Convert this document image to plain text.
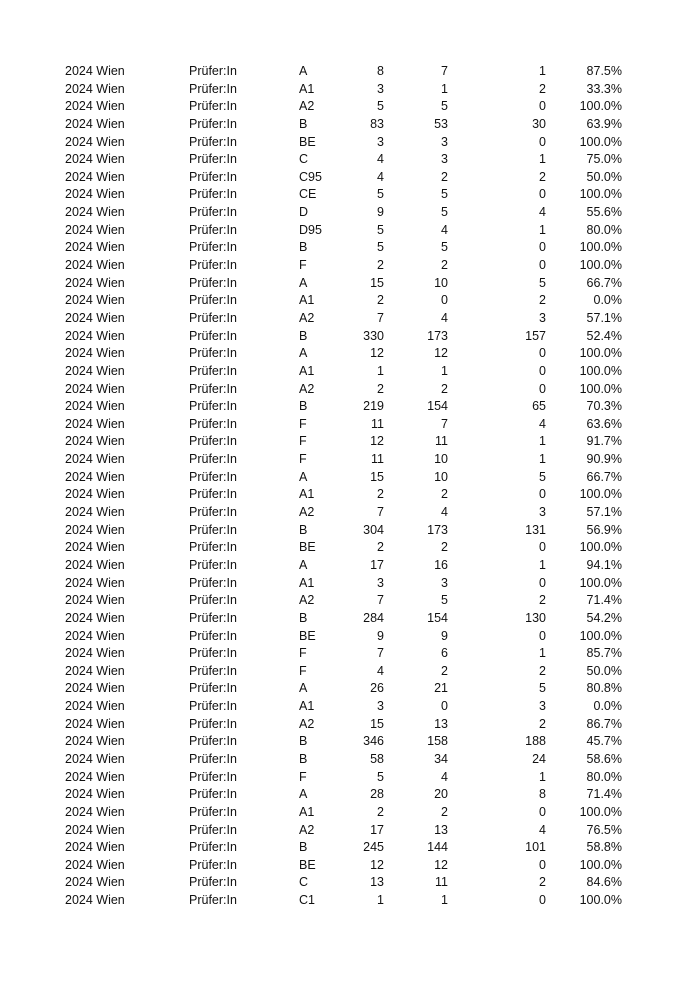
2024 Wien	Prüfer:In	A	8	7	1	87.5%
2024 Wien	Prüfer:In	A1	3	1	2	33.3%
2024 Wien	Prüfer:In	A2	5	5	0	100.0%
2024 Wien	Prüfer:In	B	83	53	30	63.9%
2024 Wien	Prüfer:In	BE	3	3	0	100.0%
2024 Wien	Prüfer:In	C	4	3	1	75.0%
2024 Wien	Prüfer:In	C95	4	2	2	50.0%
2024 Wien	Prüfer:In	CE	5	5	0	100.0%
2024 Wien	Prüfer:In	D	9	5	4	55.6%
2024 Wien	Prüfer:In	D95	5	4	1	80.0%
2024 Wien	Prüfer:In	B	5	5	0	100.0%
2024 Wien	Prüfer:In	F	2	2	0	100.0%
2024 Wien	Prüfer:In	A	15	10	5	66.7%
2024 Wien	Prüfer:In	A1	2	0	2	0.0%
2024 Wien	Prüfer:In	A2	7	4	3	57.1%
2024 Wien	Prüfer:In	B	330	173	157	52.4%
2024 Wien	Prüfer:In	A	12	12	0	100.0%
2024 Wien	Prüfer:In	A1	1	1	0	100.0%
2024 Wien	Prüfer:In	A2	2	2	0	100.0%
2024 Wien	Prüfer:In	B	219	154	65	70.3%
2024 Wien	Prüfer:In	F	11	7	4	63.6%
2024 Wien	Prüfer:In	F	12	11	1	91.7%
2024 Wien	Prüfer:In	F	11	10	1	90.9%
2024 Wien	Prüfer:In	A	15	10	5	66.7%
2024 Wien	Prüfer:In	A1	2	2	0	100.0%
2024 Wien	Prüfer:In	A2	7	4	3	57.1%
2024 Wien	Prüfer:In	B	304	173	131	56.9%
2024 Wien	Prüfer:In	BE	2	2	0	100.0%
2024 Wien	Prüfer:In	A	17	16	1	94.1%
2024 Wien	Prüfer:In	A1	3	3	0	100.0%
2024 Wien	Prüfer:In	A2	7	5	2	71.4%
2024 Wien	Prüfer:In	B	284	154	130	54.2%
2024 Wien	Prüfer:In	BE	9	9	0	100.0%
2024 Wien	Prüfer:In	F	7	6	1	85.7%
2024 Wien	Prüfer:In	F	4	2	2	50.0%
2024 Wien	Prüfer:In	A	26	21	5	80.8%
2024 Wien	Prüfer:In	A1	3	0	3	0.0%
2024 Wien	Prüfer:In	A2	15	13	2	86.7%
2024 Wien	Prüfer:In	B	346	158	188	45.7%
2024 Wien	Prüfer:In	B	58	34	24	58.6%
2024 Wien	Prüfer:In	F	5	4	1	80.0%
2024 Wien	Prüfer:In	A	28	20	8	71.4%
2024 Wien	Prüfer:In	A1	2	2	0	100.0%
2024 Wien	Prüfer:In	A2	17	13	4	76.5%
2024 Wien	Prüfer:In	B	245	144	101	58.8%
2024 Wien	Prüfer:In	BE	12	12	0	100.0%
2024 Wien	Prüfer:In	C	13	11	2	84.6%
2024 Wien	Prüfer:In	C1	1	1	0	100.0%
